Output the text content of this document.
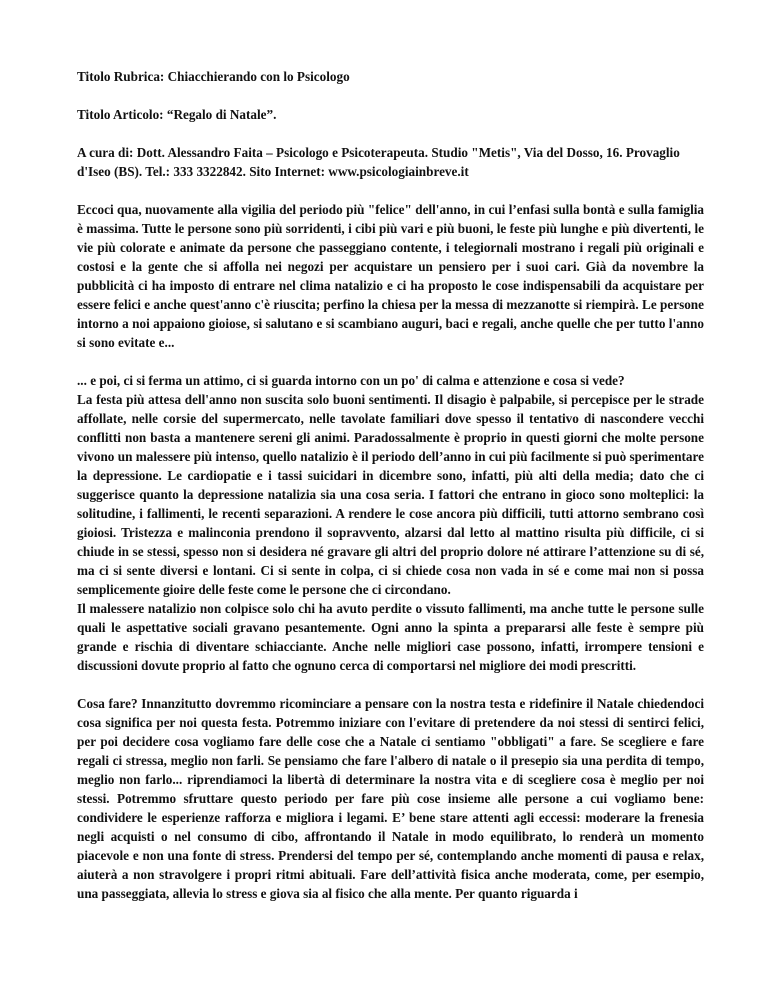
Titolo Rubrica: Chiacchierando con lo Psicologo
Titolo Articolo: “Regalo di Natale”.
A cura di: Dott. Alessandro Faita – Psicologo e Psicoterapeuta. Studio "Metis", Via del Dosso, 16. Provaglio d'Iseo (BS). Tel.: 333 3322842. Sito Internet: www.psicologiainbreve.it

Eccoci qua, nuovamente alla vigilia del periodo più "felice" dell'anno, in cui l’enfasi sulla bontà e sulla famiglia è massima. Tutte le persone sono più sorridenti, i cibi più vari e più buoni, le feste più lunghe e più divertenti, le vie più colorate e animate da persone che passeggiano contente, i telegiornali mostrano i regali più originali e costosi e la gente che si affolla nei negozi per acquistare un pensiero per i suoi cari. Già da novembre la pubblicità ci ha imposto di entrare nel clima natalizio e ci ha proposto le cose indispensabili da acquistare per essere felici e anche quest'anno c'è riuscita; perfino la chiesa per la messa di mezzanotte si riempirà. Le persone intorno a noi appaiono gioiose, si salutano e si scambiano auguri, baci e regali, anche quelle che per tutto l'anno si sono evitate e...

... e poi, ci si ferma un attimo, ci si guarda intorno con un po' di calma e attenzione e cosa si vede?
La festa più attesa dell'anno non suscita solo buoni sentimenti. Il disagio è palpabile, si percepisce per le strade affollate, nelle corsie del supermercato, nelle tavolate familiari dove spesso il tentativo di nascondere vecchi conflitti non basta a mantenere sereni gli animi. Paradossalmente è proprio in questi giorni che molte persone vivono un malessere più intenso, quello natalizio è il periodo dell’anno in cui più facilmente si può sperimentare la depressione. Le cardiopatie e i tassi suicidari in dicembre sono, infatti, più alti della media; dato che ci suggerisce quanto la depressione natalizia sia una cosa seria. I fattori che entrano in gioco sono molteplici: la solitudine, i fallimenti, le recenti separazioni. A rendere le cose ancora più difficili, tutti attorno sembrano così gioiosi. Tristezza e malinconia prendono il sopravvento, alzarsi dal letto al mattino risulta più difficile, ci si chiude in se stessi, spesso non si desidera né gravare gli altri del proprio dolore né attirare l’attenzione su di sé, ma ci si sente diversi e lontani. Ci si sente in colpa, ci si chiede cosa non vada in sé e come mai non si possa semplicemente gioire delle feste come le persone che ci circondano.
Il malessere natalizio non colpisce solo chi ha avuto perdite o vissuto fallimenti, ma anche tutte le persone sulle quali le aspettative sociali gravano pesantemente. Ogni anno la spinta a prepararsi alle feste è sempre più grande e rischia di diventare schiacciante. Anche nelle migliori case possono, infatti, irrompere tensioni e discussioni dovute proprio al fatto che ognuno cerca di comportarsi nel migliore dei modi prescritti.

Cosa fare? Innanzitutto dovremmo ricominciare a pensare con la nostra testa e ridefinire il Natale chiedendoci cosa significa per noi questa festa. Potremmo iniziare con l'evitare di pretendere da noi stessi di sentirci felici, per poi decidere cosa vogliamo fare delle cose che a Natale ci sentiamo "obbligati" a fare. Se scegliere e fare regali ci stressa, meglio non farli. Se pensiamo che fare l'albero di natale o il presepio sia una perdita di tempo, meglio non farlo... riprendiamoci la libertà di determinare la nostra vita e di scegliere cosa è meglio per noi stessi. Potremmo sfruttare questo periodo per fare più cose insieme alle persone a cui vogliamo bene: condividere le esperienze rafforza e migliora i legami. E’ bene stare attenti agli eccessi: moderare la frenesia negli acquisti o nel consumo di cibo, affrontando il Natale in modo equilibrato, lo renderà un momento piacevole e non una fonte di stress. Prendersi del tempo per sé, contemplando anche momenti di pausa e relax, aiuterà a non stravolgere i propri ritmi abituali. Fare dell’attività fisica anche moderata, come, per esempio, una passeggiata, allevia lo stress e giova sia al fisico che alla mente. Per quanto riguarda i
